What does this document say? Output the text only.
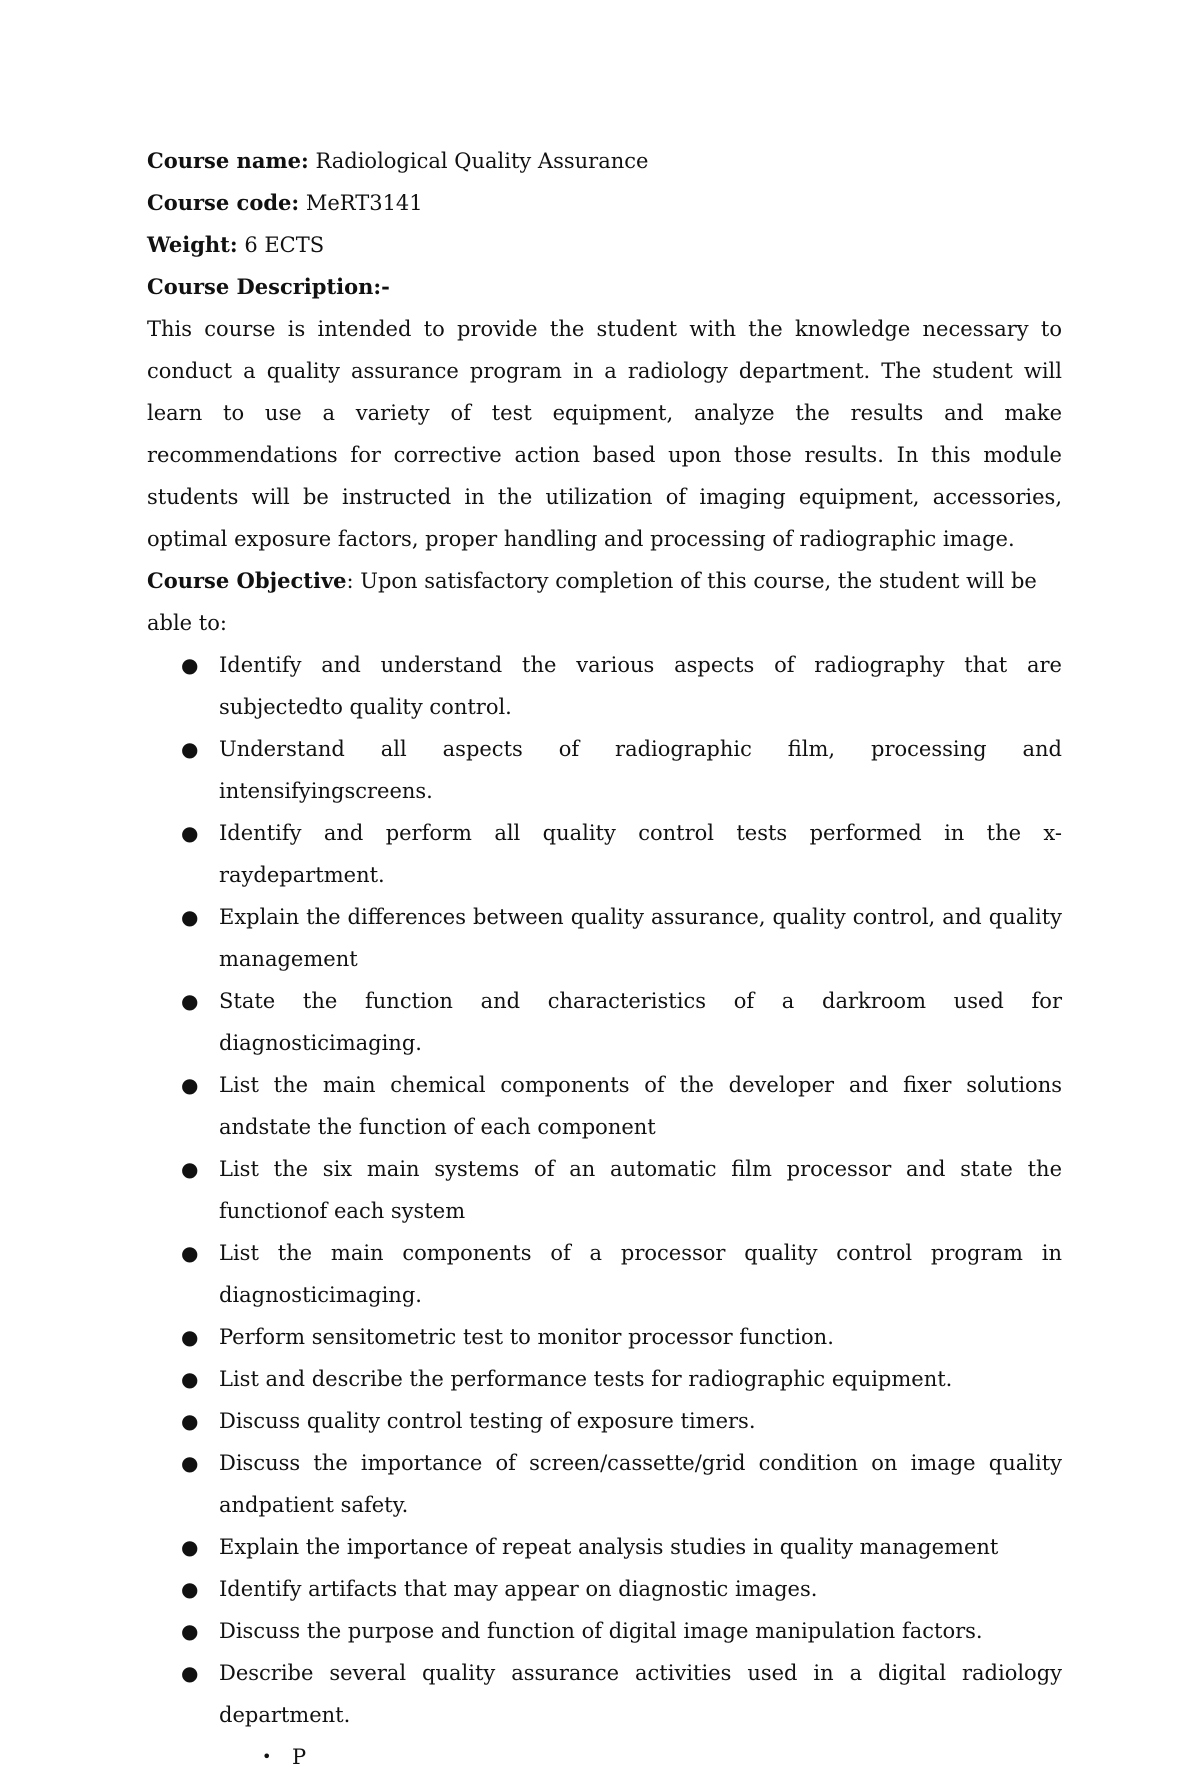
Course name: Radiological Quality Assurance
Course code: MeRT3141
Weight: 6 ECTS
Course Description:-

This course is intended to provide the student with the knowledge necessary to conduct a quality assurance program in a radiology department. The student will learn to use a variety of test equipment, analyze the results and make recommendations for corrective action based upon those results. In this module students will be instructed in the utilization of imaging equipment, accessories, optimal exposure factors, proper handling and processing of radiographic image.

Course Objective: Upon satisfactory completion of this course, the student will be able to:

● Identify and understand the various aspects of radiography that are subjectedto quality control.
● Understand all aspects of radiographic film, processing and intensifyingscreens.
● Identify and perform all quality control tests performed in the x-raydepartment.
● Explain the differences between quality assurance, quality control, and quality management
● State the function and characteristics of a darkroom used for diagnosticimaging.
● List the main chemical components of the developer and fixer solutions andstate the function of each component
● List the six main systems of an automatic film processor and state the functionof each system
● List the main components of a processor quality control program in diagnosticimaging.
● Perform sensitometric test to monitor processor function.
● List and describe the performance tests for radiographic equipment.
● Discuss quality control testing of exposure timers.
● Discuss the importance of screen/cassette/grid condition on image quality andpatient safety.
● Explain the importance of repeat analysis studies in quality management
● Identify artifacts that may appear on diagnostic images.
● Discuss the purpose and function of digital image manipulation factors.
● Describe several quality assurance activities used in a digital radiology department.
• P
